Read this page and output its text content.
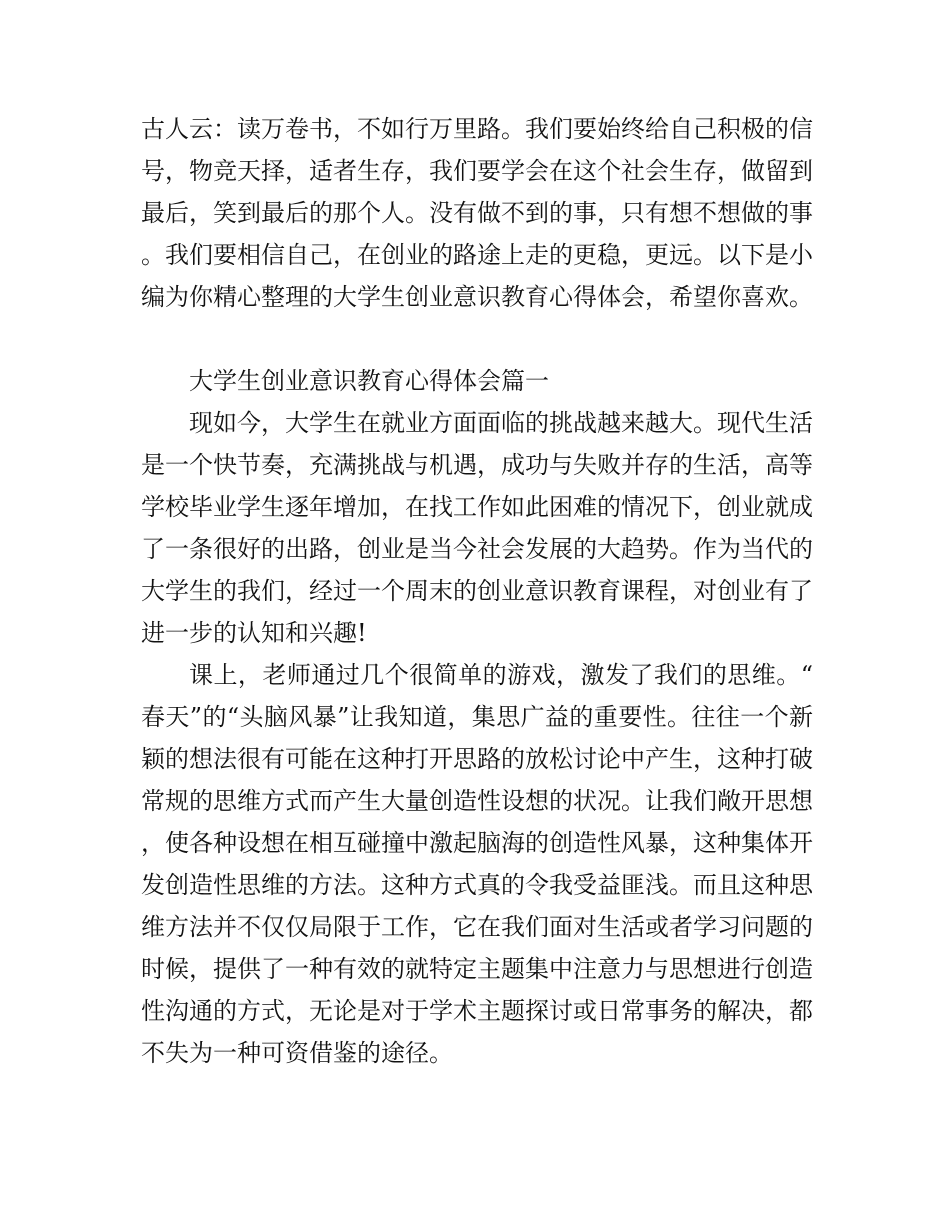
古人云：读万卷书，不如行万里路。我们要始终给自己积极的信号，物竞天择，适者生存，我们要学会在这个社会生存，做留到最后，笑到最后的那个人。没有做不到的事，只有想不想做的事。我们要相信自己，在创业的路途上走的更稳，更远。以下是小编为你精心整理的大学生创业意识教育心得体会，希望你喜欢。

大学生创业意识教育心得体会篇一

现如今，大学生在就业方面面临的挑战越来越大。现代生活是一个快节奏，充满挑战与机遇，成功与失败并存的生活，高等学校毕业学生逐年增加，在找工作如此困难的情况下，创业就成了一条很好的出路，创业是当今社会发展的大趋势。作为当代的大学生的我们，经过一个周末的创业意识教育课程，对创业有了进一步的认知和兴趣!

课上，老师通过几个很简单的游戏，激发了我们的思维。“春天”的“头脑风暴”让我知道，集思广益的重要性。往往一个新颖的想法很有可能在这种打开思路的放松讨论中产生，这种打破常规的思维方式而产生大量创造性设想的状况。让我们敞开思想，使各种设想在相互碰撞中激起脑海的创造性风暴，这种集体开发创造性思维的方法。这种方式真的令我受益匪浅。而且这种思维方法并不仅仅局限于工作，它在我们面对生活或者学习问题的时候，提供了一种有效的就特定主题集中注意力与思想进行创造性沟通的方式，无论是对于学术主题探讨或日常事务的解决，都不失为一种可资借鉴的途径。
